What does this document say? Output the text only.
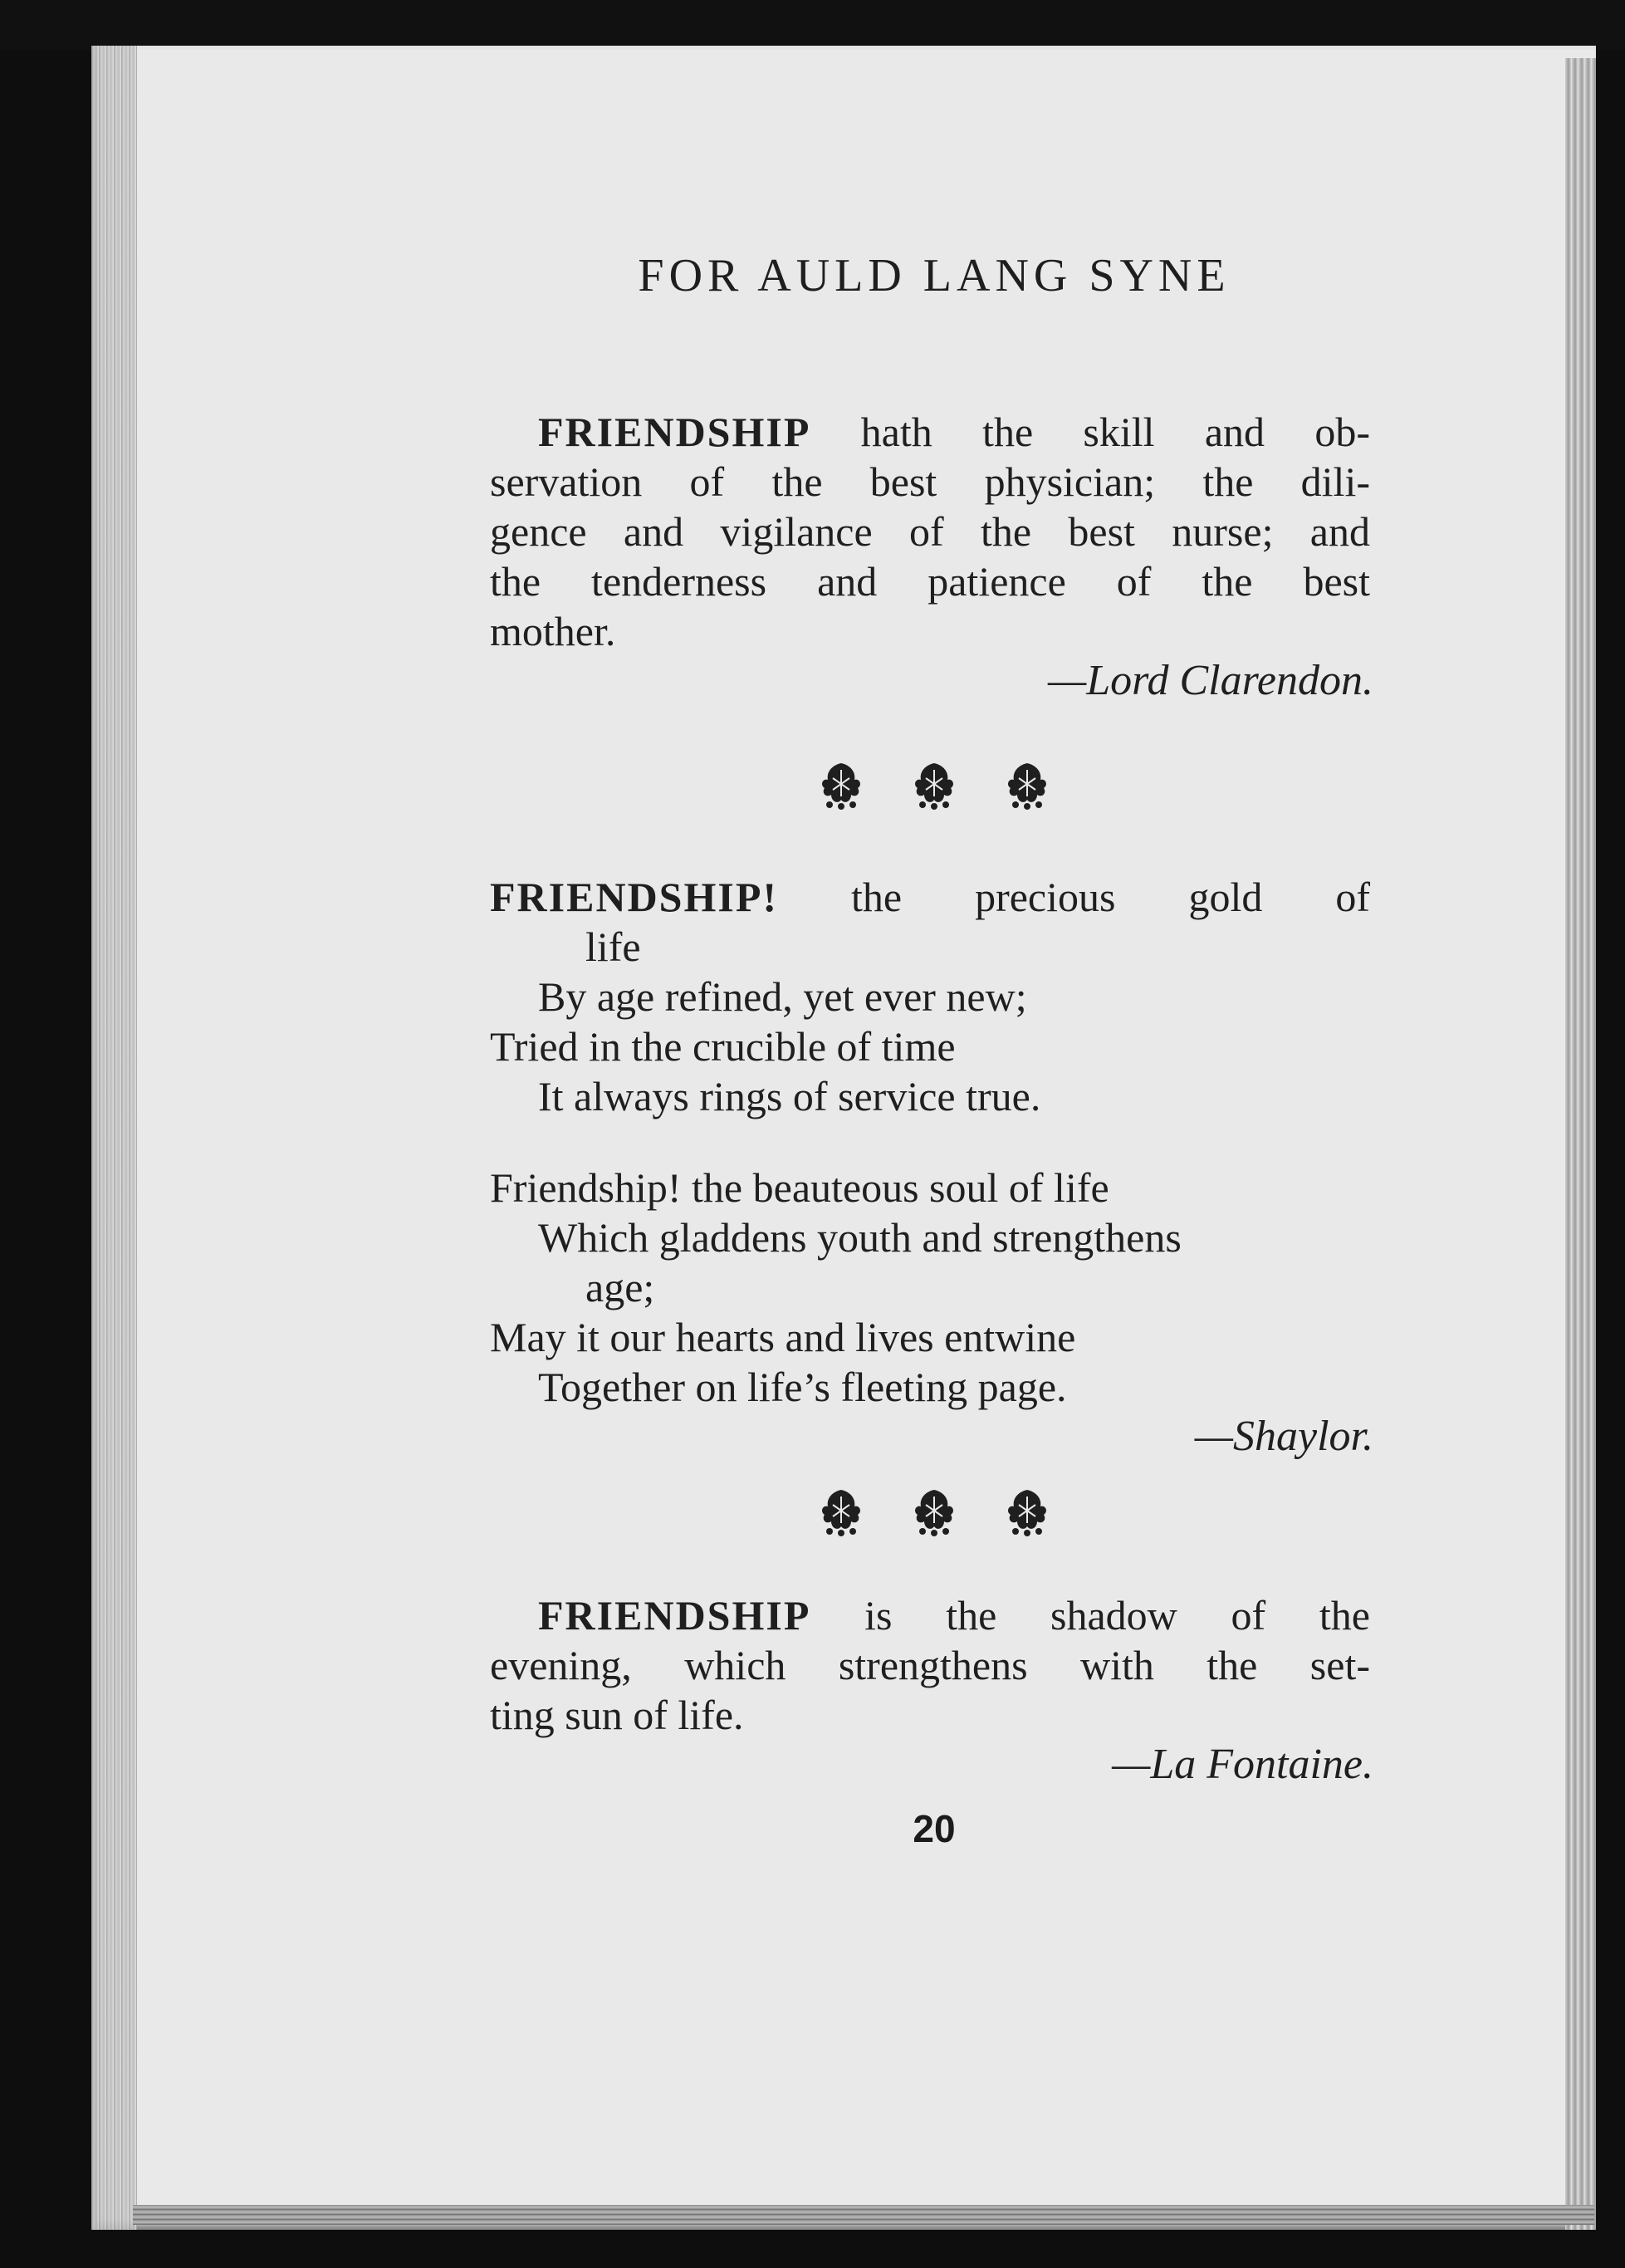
FOR AULD LANG SYNE
FRIENDSHIP hath the skill and ob-
servation of the best physician; the dili-
gence and vigilance of the best nurse; and
the tenderness and patience of the best
mother.
—Lord Clarendon.
FRIENDSHIP! the precious gold of
life
By age refined, yet ever new;
Tried in the crucible of time
It always rings of service true.
Friendship! the beauteous soul of life
Which gladdens youth and strengthens
age;
May it our hearts and lives entwine
Together on life’s fleeting page.
—Shaylor.
FRIENDSHIP is the shadow of the
evening, which strengthens with the set-
ting sun of life.
—La Fontaine.
20
